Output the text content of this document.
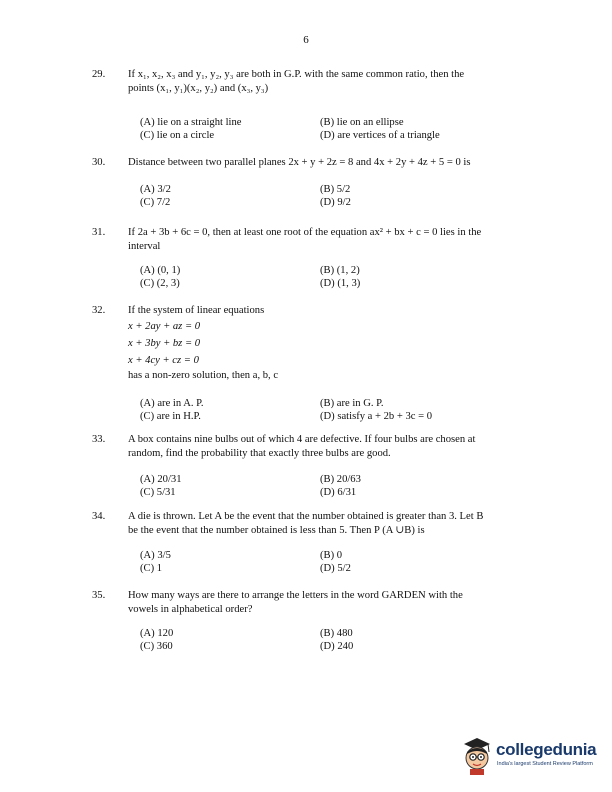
6
29. If x₁, x₂, x₃ and y₁, y₂, y₃ are both in G.P. with the same common ratio, then the
points (x₁, y₁)(x₂, y₂) and (x₃, y₃)
(A) lie on a straight line	(B) lie on an ellipse
(C) lie on a circle	(D) are vertices of a triangle
30. Distance between two parallel planes 2x + y + 2z = 8 and 4x + 2y + 4z + 5 = 0 is
(A) 3/2	(B) 5/2
(C) 7/2	(D) 9/2
31. If 2a + 3b + 6c = 0, then at least one root of the equation ax² + bx + c = 0 lies in the
interval
(A) (0, 1)	(B) (1, 2)
(C) (2, 3)	(D) (1, 3)
32. If the system of linear equations
x + 2ay + az = 0
x + 3by + bz = 0
x + 4cy + cz = 0
has a non-zero solution, then a, b, c
(A) are in A. P.	(B) are in G. P.
(C) are in H.P.	(D) satisfy a + 2b + 3c = 0
33. A box contains nine bulbs out of which 4 are defective. If four bulbs are chosen at
random, find the probability that exactly three bulbs are good.
(A) 20/31	(B) 20/63
(C) 5/31	(D) 6/31
34. A die is thrown. Let A be the event that the number obtained is greater than 3. Let B
be the event that the number obtained is less than 5. Then P (A ∪B) is
(A) 3/5	(B) 0
(C) 1	(D) 5/2
35. How many ways are there to arrange the letters in the word GARDEN with the
vowels in alphabetical order?
(A) 120	(B) 480
(C) 360	(D) 240
collegedunia
India's largest Student Review Platform
